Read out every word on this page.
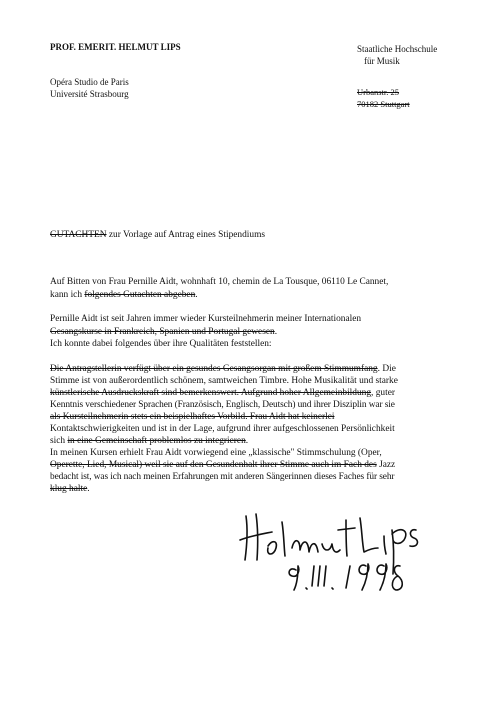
PROF. EMERIT. HELMUT LIPS
Opéra Studio de Paris
Université Strasbourg
Staatliche Hochschule
für Musik
Urbanstr. 25
70182 Stuttgart
GUTACHTEN zur Vorlage auf Antrag eines Stipendiums
Auf Bitten von Frau Pernille Aidt, wohnhaft 10, chemin de La Tousque, 06110 Le Cannet,
kann ich folgendes Gutachten abgeben.
Pernille Aidt ist seit Jahren immer wieder Kursteilnehmerin meiner Internationalen
Gesangskurse in Frankreich, Spanien und Portugal gewesen.
Ich konnte dabei folgendes über ihre Qualitäten feststellen:
Die Antragstellerin verfügt über ein gesundes Gesangsorgan mit großem Stimmumfang. Die
Stimme ist von außerordentlich schönem, samtweichen Timbre. Hohe Musikalität und starke
künstlerische Ausdruckskraft sind bemerkenswert. Aufgrund hoher Allgemeinbildung, guter
Kenntnis verschiedener Sprachen (Französisch, Englisch, Deutsch) und ihrer Disziplin war sie
als Kursteilnehmerin stets ein beispielhaftes Vorbild. Frau Aidt hat keinerlei
Kontaktschwierigkeiten und ist in der Lage, aufgrund ihrer aufgeschlossenen Persönlichkeit
sich in eine Gemeinschaft problemlos zu integrieren.
In meinen Kursen erhielt Frau Aidt vorwiegend eine „klassische" Stimmschulung (Oper,
Operette, Lied, Musical) weil sie auf den Gesundenhalt ihrer Stimme auch im Fach des Jazz
bedacht ist, was ich nach meinen Erfahrungen mit anderen Sängerinnen dieses Faches für sehr
klug halte.
